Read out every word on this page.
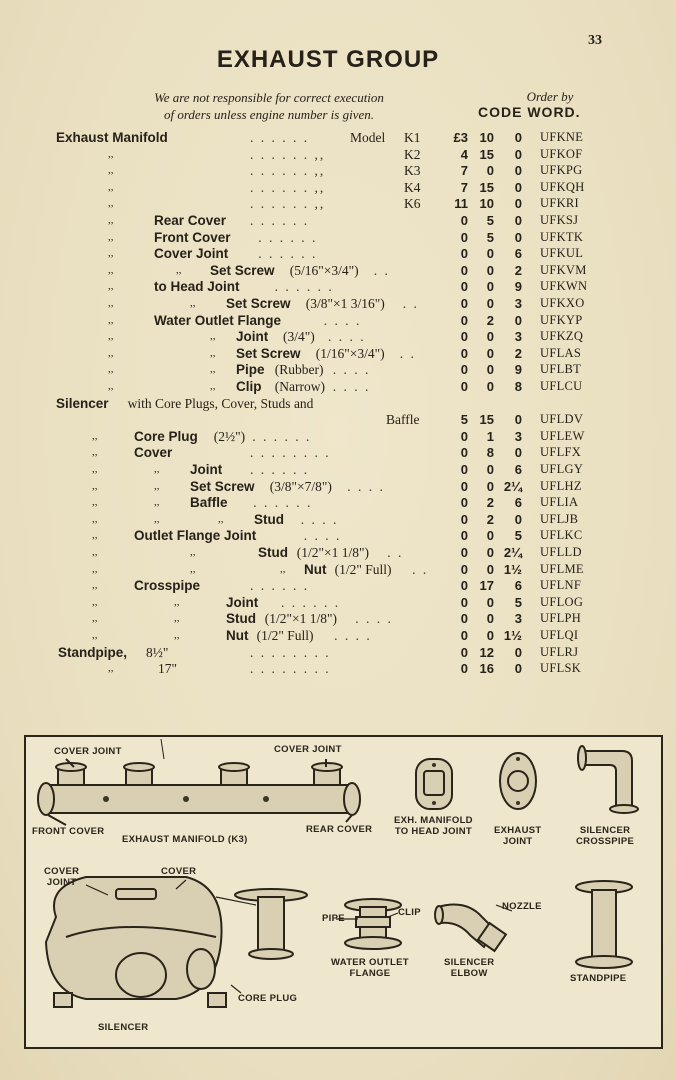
33
EXHAUST GROUP
We are not responsible for correct execution
of orders unless engine number is given.
Order by
CODE WORD.
Exhaust Manifold	. . . . . .	Model K1	£3 10	0 UFKNE
,,	. . . . . . ,,	K2	4 15	0 UFKOF
,,	. . . . . . ,,	K3	7	0	0 UFKPG
,,	. . . . . . ,,	K4	7 15	0 UFKQH
,,	. . . . . . ,,	K6	11 10	0 UFKRI
,,	Rear Cover . . . . . .	0	5	0 UFKSJ
,,	Front Cover . . . . . .	0	5	0 UFKTK
,,	Cover Joint . . . . . .	0	0	6 UFKUL
,,	,, Set Screw (5/16"×3/4") . .	0	0	2 UFKVM
,,	to Head Joint	. . . . . .	0	0	9 UFKWN
,,	,, Set Screw (3/8"×1 3/16") . .	0	0	3 UFKXO
,,	Water Outlet Flange	. . . .	0	2	0 UFKYP
,,	,, Joint (3/4") . . . .	0	0	3 UFKZQ
,,	,, Set Screw (1/16"×3/4") . .	0	0	2 UFLAS
,,	,, Pipe (Rubber) . . . .	0	0	9 UFLBT
,,	,, Clip (Narrow) . . . .	0	0	8 UFLCU
Silencer with Core Plugs, Cover, Studs and
Baffle	5 15	0 UFLDV
,,	Core Plug (2½") . . . . . .	0	1	3 UFLEW
,,	Cover	. . . . . . . .	0	8	0 UFLFX
,,	,, Joint . . . . . .	0	0	6 UFLGY
,,	,, Set Screw (3/8"×7/8") . . . .	0	0 2¼ UFLHZ
,,	,, Baffle . . . . . .	0	2	6 UFLIA
,,	,,	,, Stud . . . .	0	2	0 UFLJB
,,	Outlet Flange Joint	. . . .	0	0	5 UFLKC
,,	,,	Stud (1/2"×1 1/8") . .	0	0 2¼ UFLLD
,,	,,	,, Nut (1/2" Full) . .	0	0 1½ UFLME
,,	Crosspipe	. . . . . .	0 17	6 UFLNF
,,	,,	Joint . . . . . .	0	0	5 UFLOG
,,	,,	Stud (1/2"×1 1/8") . . . .	0	0	3 UFLPH
,,	,,	Nut (1/2" Full) . . . .	0	0 1½ UFLQI
Standpipe, 8½"	. . . . . . . .	0 12	0 UFLRJ
,,	17"	. . . . . . . .	0 16	0 UFLSK
COVER JOINT	COVER JOINT
FRONT COVER
EXHAUST MANIFOLD (K3)
REAR COVER
EXH. MANIFOLD
TO HEAD JOINT EXHAUST
JOINT
SILENCER
CROSSPIPE
COVER
JOINT
COVER
PIPE
CLIP
NOZZLE
WATER OUTLET
FLANGE
SILENCER
ELBOW
CORE PLUG
STANDPIPE
SILENCER
